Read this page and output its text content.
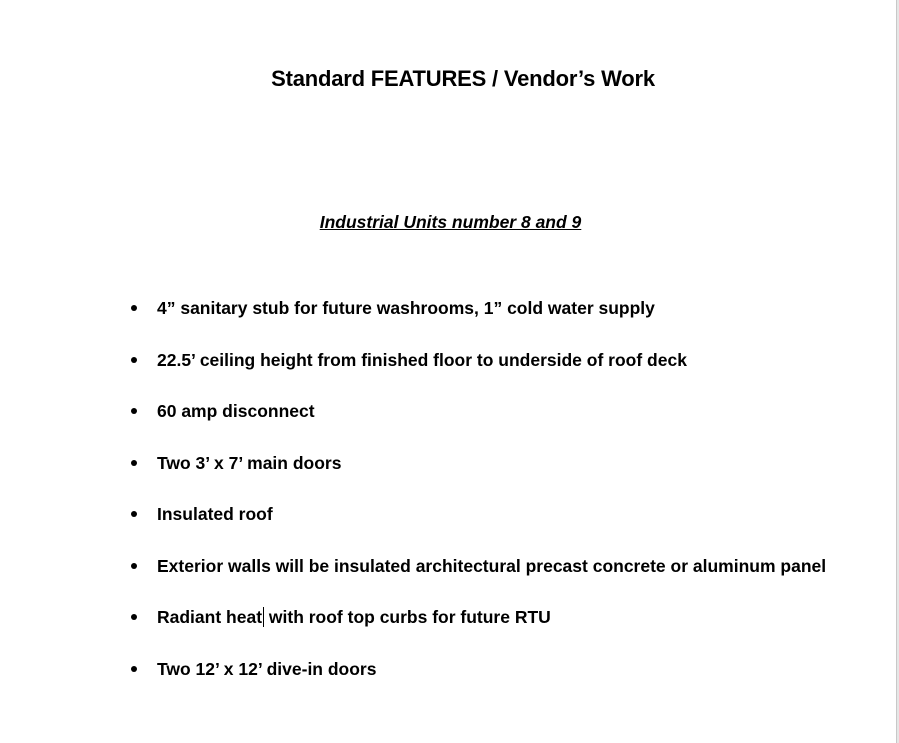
Standard FEATURES / Vendor’s Work
Industrial Units number 8 and 9
4” sanitary stub for future washrooms, 1” cold water supply
22.5’ ceiling height from finished floor to underside of roof deck
60 amp disconnect
Two 3’ x 7’ main doors
Insulated roof
Exterior walls will be insulated architectural precast concrete or aluminum panel
Radiant heat with roof top curbs for future RTU
Two 12’ x 12’ dive-in doors
